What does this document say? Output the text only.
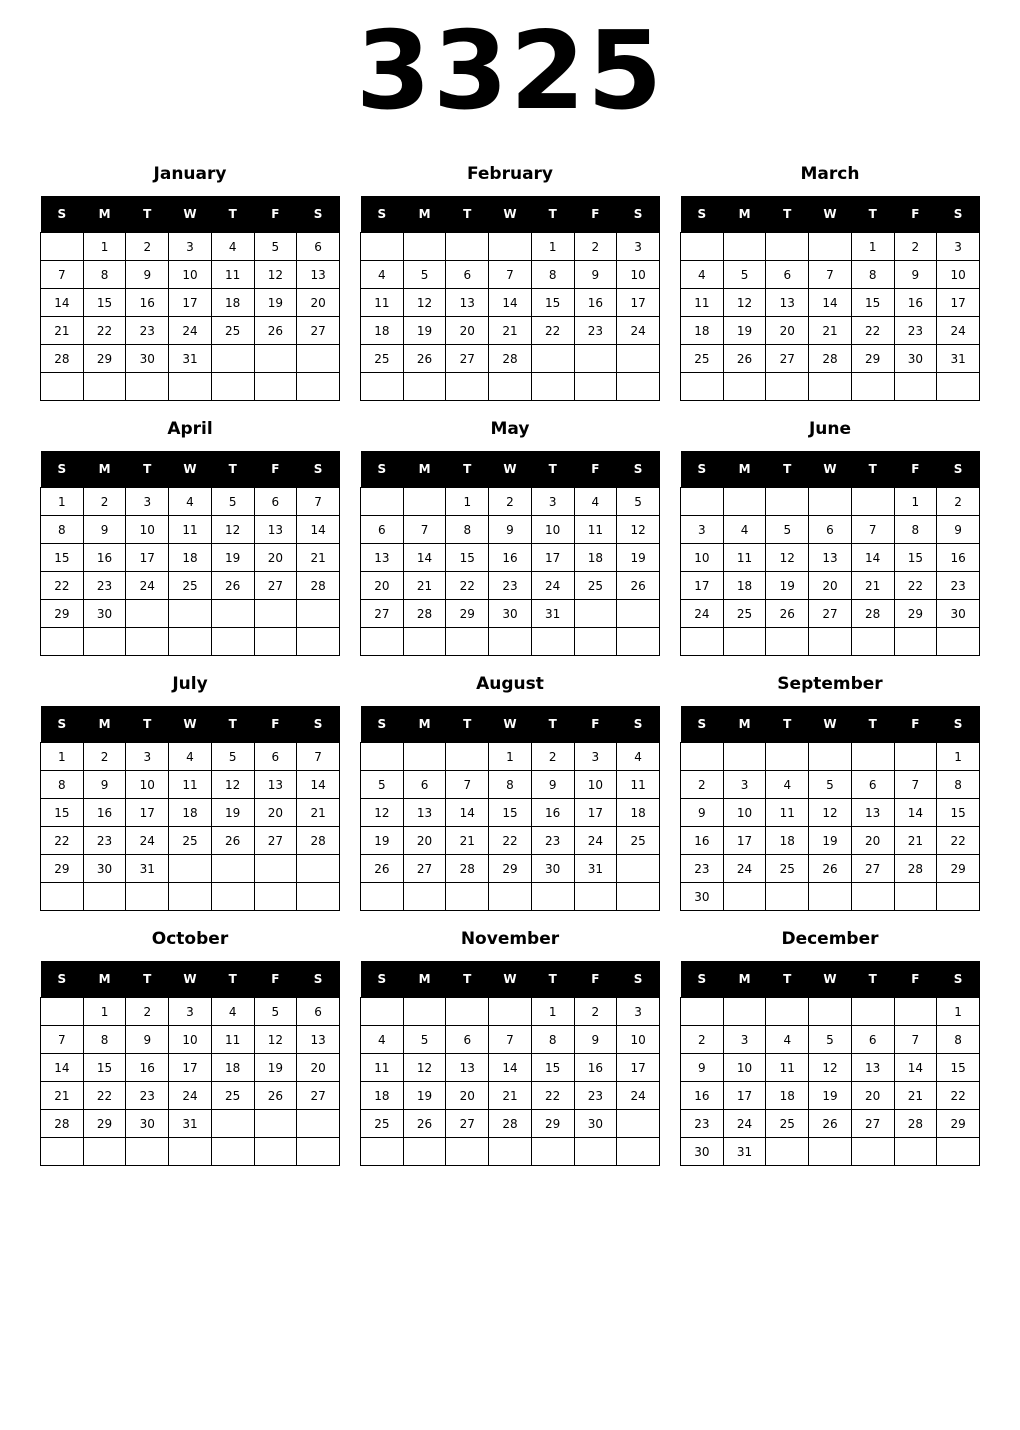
3325
January
S	M	T	W	T	F	S
	1	2	3	4	5	6
7	8	9	10	11	12	13
14	15	16	17	18	19	20
21	22	23	24	25	26	27
28	29	30	31			

February
S	M	T	W	T	F	S
				1	2	3
4	5	6	7	8	9	10
11	12	13	14	15	16	17
18	19	20	21	22	23	24
25	26	27	28			

March
S	M	T	W	T	F	S
				1	2	3
4	5	6	7	8	9	10
11	12	13	14	15	16	17
18	19	20	21	22	23	24
25	26	27	28	29	30	31

April
S	M	T	W	T	F	S
1	2	3	4	5	6	7
8	9	10	11	12	13	14
15	16	17	18	19	20	21
22	23	24	25	26	27	28
29	30					

May
S	M	T	W	T	F	S
		1	2	3	4	5
6	7	8	9	10	11	12
13	14	15	16	17	18	19
20	21	22	23	24	25	26
27	28	29	30	31		

June
S	M	T	W	T	F	S
					1	2
3	4	5	6	7	8	9
10	11	12	13	14	15	16
17	18	19	20	21	22	23
24	25	26	27	28	29	30

July
S	M	T	W	T	F	S
1	2	3	4	5	6	7
8	9	10	11	12	13	14
15	16	17	18	19	20	21
22	23	24	25	26	27	28
29	30	31				

August
S	M	T	W	T	F	S
			1	2	3	4
5	6	7	8	9	10	11
12	13	14	15	16	17	18
19	20	21	22	23	24	25
26	27	28	29	30	31	

September
S	M	T	W	T	F	S
						1
2	3	4	5	6	7	8
9	10	11	12	13	14	15
16	17	18	19	20	21	22
23	24	25	26	27	28	29
30						
October
S	M	T	W	T	F	S
	1	2	3	4	5	6
7	8	9	10	11	12	13
14	15	16	17	18	19	20
21	22	23	24	25	26	27
28	29	30	31			

November
S	M	T	W	T	F	S
				1	2	3
4	5	6	7	8	9	10
11	12	13	14	15	16	17
18	19	20	21	22	23	24
25	26	27	28	29	30	

December
S	M	T	W	T	F	S
						1
2	3	4	5	6	7	8
9	10	11	12	13	14	15
16	17	18	19	20	21	22
23	24	25	26	27	28	29
30	31					
